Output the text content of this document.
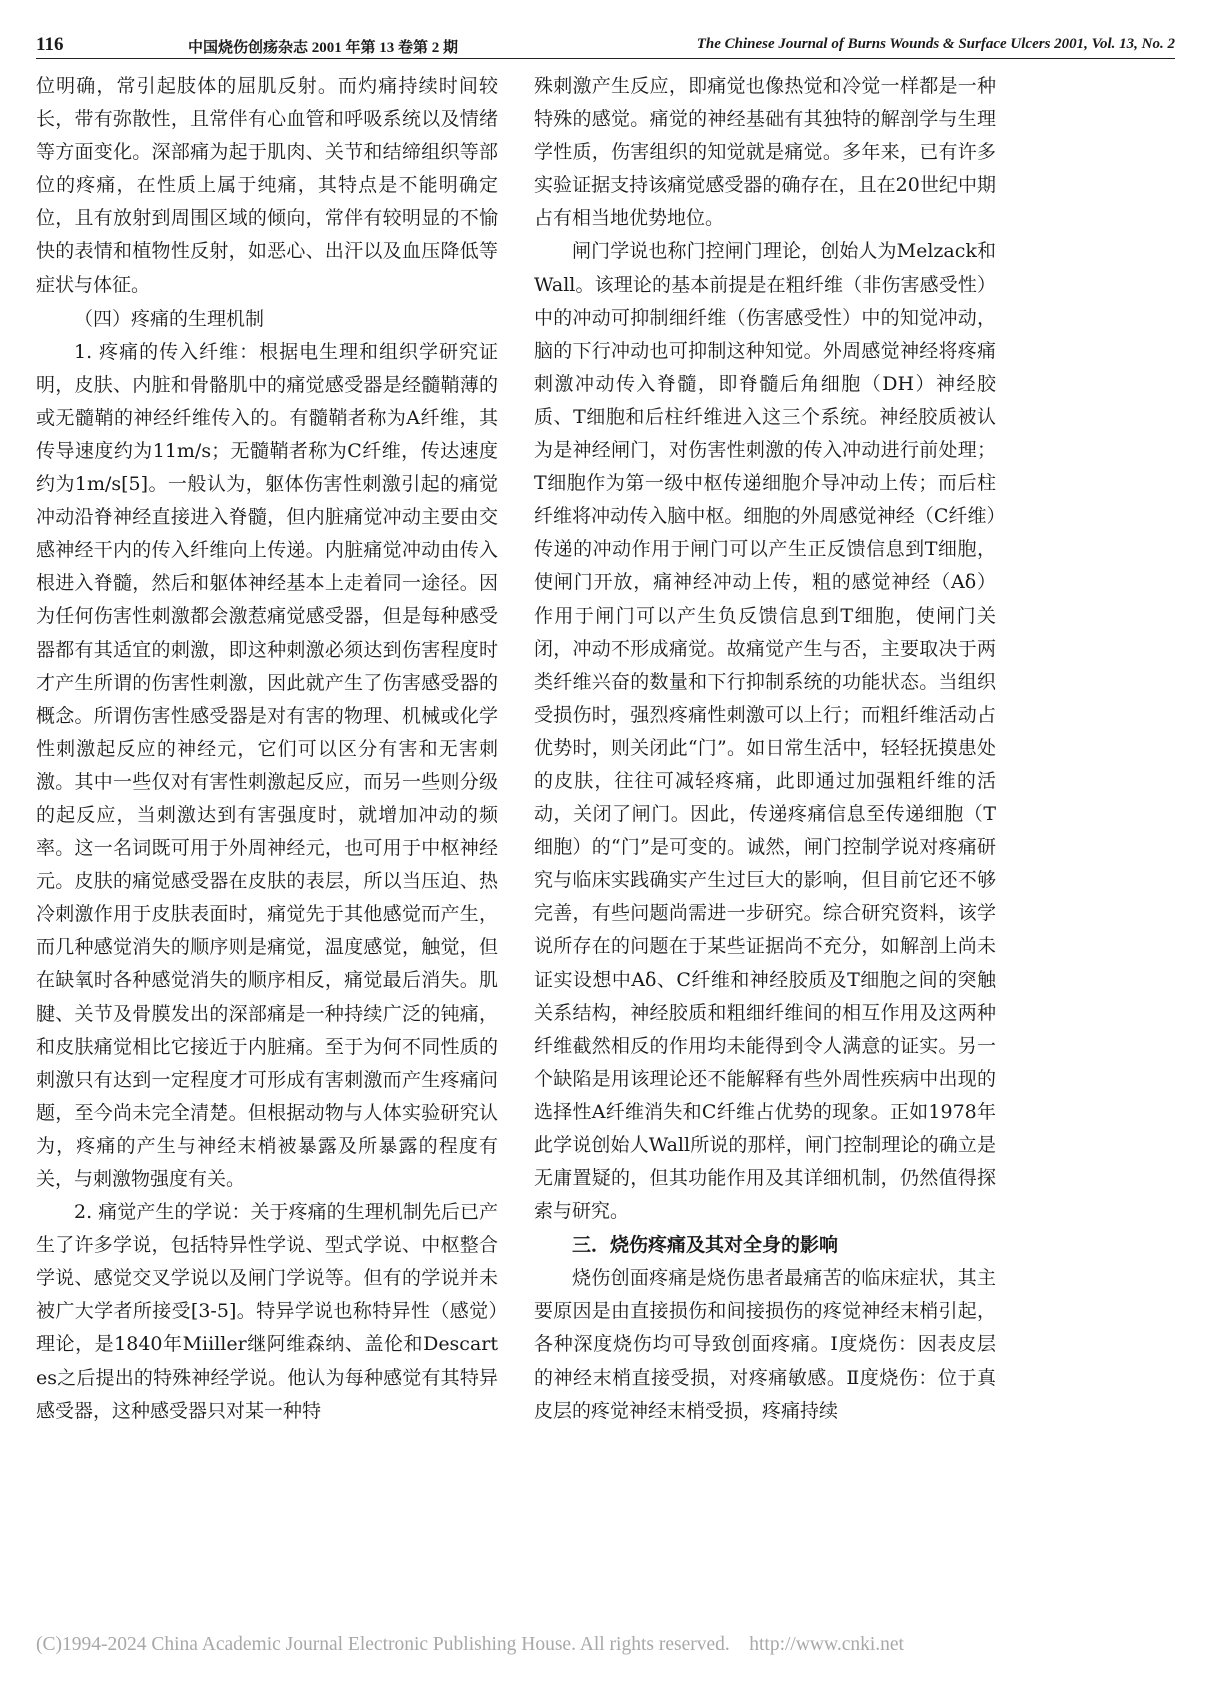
116	中国烧伤创疡杂志 2001 年第 13 卷第 2 期	The Chinese Journal of Burns Wounds & Surface Ulcers 2001, Vol. 13, No. 2

位明确，常引起肢体的屈肌反射。而灼痛持续时间较长，带有弥散性，且常伴有心血管和呼吸系统以及情绪等方面变化。深部痛为起于肌肉、关节和结缔组织等部位的疼痛，在性质上属于纯痛，其特点是不能明确定位，且有放射到周围区域的倾向，常伴有较明显的不愉快的表情和植物性反射，如恶心、出汗以及血压降低等症状与体征。

（四）疼痛的生理机制

1. 疼痛的传入纤维：根据电生理和组织学研究证明，皮肤、内脏和骨骼肌中的痛觉感受器是经髓鞘薄的或无髓鞘的神经纤维传入的。有髓鞘者称为A纤维，其传导速度约为11m/s；无髓鞘者称为C纤维，传达速度约为1m/s[5]。一般认为，躯体伤害性刺激引起的痛觉冲动沿脊神经直接进入脊髓，但内脏痛觉冲动主要由交感神经干内的传入纤维向上传递。内脏痛觉冲动由传入根进入脊髓，然后和躯体神经基本上走着同一途径。因为任何伤害性刺激都会激惹痛觉感受器，但是每种感受器都有其适宜的刺激，即这种刺激必须达到伤害程度时才产生所谓的伤害性刺激，因此就产生了伤害感受器的概念。所谓伤害性感受器是对有害的物理、机械或化学性刺激起反应的神经元，它们可以区分有害和无害刺激。其中一些仅对有害性刺激起反应，而另一些则分级的起反应，当刺激达到有害强度时，就增加冲动的频率。这一名词既可用于外周神经元，也可用于中枢神经元。皮肤的痛觉感受器在皮肤的表层，所以当压迫、热冷刺激作用于皮肤表面时，痛觉先于其他感觉而产生，而几种感觉消失的顺序则是痛觉，温度感觉，触觉，但在缺氧时各种感觉消失的顺序相反，痛觉最后消失。肌腱、关节及骨膜发出的深部痛是一种持续广泛的钝痛，和皮肤痛觉相比它接近于内脏痛。至于为何不同性质的刺激只有达到一定程度才可形成有害刺激而产生疼痛问题，至今尚未完全清楚。但根据动物与人体实验研究认为，疼痛的产生与神经末梢被暴露及所暴露的程度有关，与刺激物强度有关。

2. 痛觉产生的学说：关于疼痛的生理机制先后已产生了许多学说，包括特异性学说、型式学说、中枢整合学说、感觉交叉学说以及闸门学说等。但有的学说并未被广大学者所接受[3-5]。特异学说也称特异性（感觉）理论，是1840年Miiller继阿维森纳、盖伦和Descartes之后提出的特殊神经学说。他认为每种感觉有其特异感受器，这种感受器只对某一种特

殊刺激产生反应，即痛觉也像热觉和冷觉一样都是一种特殊的感觉。痛觉的神经基础有其独特的解剖学与生理学性质，伤害组织的知觉就是痛觉。多年来，已有许多实验证据支持该痛觉感受器的确存在，且在20世纪中期占有相当地优势地位。

闸门学说也称门控闸门理论，创始人为Melzack和Wall。该理论的基本前提是在粗纤维（非伤害感受性）中的冲动可抑制细纤维（伤害感受性）中的知觉冲动，脑的下行冲动也可抑制这种知觉。外周感觉神经将疼痛刺激冲动传入脊髓，即脊髓后角细胞（DH）神经胶质、T细胞和后柱纤维进入这三个系统。神经胶质被认为是神经闸门，对伤害性刺激的传入冲动进行前处理；T细胞作为第一级中枢传递细胞介导冲动上传；而后柱纤维将冲动传入脑中枢。细胞的外周感觉神经（C纤维）传递的冲动作用于闸门可以产生正反馈信息到T细胞，使闸门开放，痛神经冲动上传，粗的感觉神经（Aδ）作用于闸门可以产生负反馈信息到T细胞，使闸门关闭，冲动不形成痛觉。故痛觉产生与否，主要取决于两类纤维兴奋的数量和下行抑制系统的功能状态。当组织受损伤时，强烈疼痛性刺激可以上行；而粗纤维活动占优势时，则关闭此“门”。如日常生活中，轻轻抚摸患处的皮肤，往往可减轻疼痛，此即通过加强粗纤维的活动，关闭了闸门。因此，传递疼痛信息至传递细胞（T细胞）的“门”是可变的。诚然，闸门控制学说对疼痛研究与临床实践确实产生过巨大的影响，但目前它还不够完善，有些问题尚需进一步研究。综合研究资料，该学说所存在的问题在于某些证据尚不充分，如解剖上尚未证实设想中Aδ、C纤维和神经胶质及T细胞之间的突触关系结构，神经胶质和粗细纤维间的相互作用及这两种纤维截然相反的作用均未能得到令人满意的证实。另一个缺陷是用该理论还不能解释有些外周性疾病中出现的选择性A纤维消失和C纤维占优势的现象。正如1978年此学说创始人Wall所说的那样，闸门控制理论的确立是无庸置疑的，但其功能作用及其详细机制，仍然值得探索与研究。

三．烧伤疼痛及其对全身的影响

烧伤创面疼痛是烧伤患者最痛苦的临床症状，其主要原因是由直接损伤和间接损伤的疼觉神经末梢引起，各种深度烧伤均可导致创面疼痛。Ⅰ度烧伤：因表皮层的神经末梢直接受损，对疼痛敏感。Ⅱ度烧伤：位于真皮层的疼觉神经末梢受损，疼痛持续

(C)1994-2024 China Academic Journal Electronic Publishing House. All rights reserved.    http://www.cnki.net
